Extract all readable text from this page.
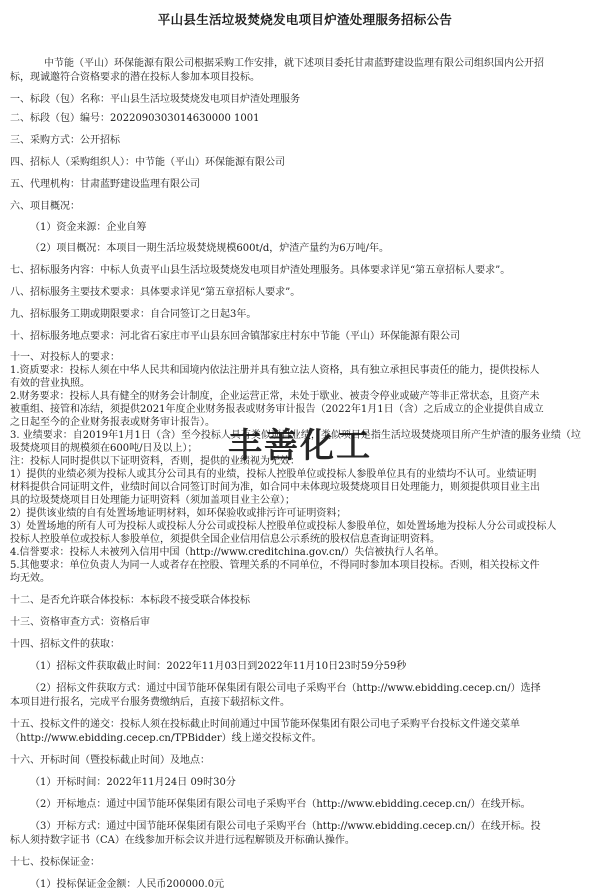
平山县生活垃圾焚烧发电项目炉渣处理服务招标公告
中节能（平山）环保能源有限公司根据采购工作安排，就下述项目委托甘肃蓝野建设监理有限公司组织国内公开招
标，现诚邀符合资格要求的潜在投标人参加本项目投标。
一、标段（包）名称：平山县生活垃圾焚烧发电项目炉渣处理服务
二、标段（包）编号：2022090303014630000 1001
三、采购方式：公开招标
四、招标人（采购组织人）：中节能（平山）环保能源有限公司
五、代理机构：甘肃蓝野建设监理有限公司
六、项目概况：
（1）资金来源：企业自筹
（2）项目概况：本项目一期生活垃圾焚烧规模600t/d，炉渣产量约为6万吨/年。
七、招标服务内容：中标人负责平山县生活垃圾焚烧发电项目炉渣处理服务。具体要求详见“第五章招标人要求”。
八、招标服务主要技术要求：具体要求详见“第五章招标人要求”。
九、招标服务工期或期限要求：自合同签订之日起3年。
十、招标服务地点要求：河北省石家庄市平山县东回舍镇郜家庄村东中节能（平山）环保能源有限公司
十一、对投标人的要求：
1.资质要求：投标人须在中华人民共和国境内依法注册并具有独立法人资格，具有独立承担民事责任的能力，提供投标人
有效的营业执照。
2.财务要求：投标人具有健全的财务会计制度，企业运营正常，未处于歇业、被责令停业或破产等非正常状态，且资产未
被重组、接管和冻结，须提供2021年度企业财务报表或财务审计报告（2022年1月1日（含）之后成立的企业提供自成立
之日起至今的企业财务报表或财务审计报告）。
3. 业绩要求：自2019年1月1日（含）至今投标人具有类似项目业绩，类似项目是指生活垃圾焚烧项目所产生炉渣的服务业绩（垃
圾焚烧项目的规模须在600吨/日及以上）；
注：投标人同时提供以下证明资料，否则，提供的业绩视为无效：
1）提供的业绩必须为投标人或其分公司具有的业绩，投标人控股单位或投标人参股单位具有的业绩均不认可。业绩证明
材料提供合同证明文件，业绩时间以合同签订时间为准，如合同中未体现垃圾焚烧项目日处理能力，则须提供项目业主出
具的垃圾焚烧项目日处理能力证明资料（须加盖项目业主公章）；
2）提供该业绩的自有处置场地证明材料，如环保验收或排污许可证明资料；
3）处置场地的所有人可为投标人或投标人分公司或投标人控股单位或投标人参股单位，如处置场地为投标人分公司或投标人
投标人控股单位或投标人参股单位，须提供全国企业信用信息公示系统的股权信息查询证明资料。
4.信誉要求：投标人未被列入信用中国（http://www.creditchina.gov.cn/）失信被执行人名单。
5.其他要求：单位负责人为同一人或者存在控股、管理关系的不同单位，不得同时参加本项目投标。否则，相关投标文件
均无效。
十二、是否允许联合体投标：本标段不接受联合体投标
十三、资格审查方式：资格后审
十四、招标文件的获取：
（1）招标文件获取截止时间：2022年11月03日到2022年11月10日23时59分59秒
（2）招标文件获取方式：通过中国节能环保集团有限公司电子采购平台（http://www.ebidding.cecep.cn/）选择
本项目进行报名，完成平台服务费缴纳后，直接下载招标文件。
十五、投标文件的递交：投标人须在投标截止时间前通过中国节能环保集团有限公司电子采购平台投标文件递交菜单
（http://www.ebidding.cecep.cn/TPBidder）线上递交投标文件。
十六、开标时间（暨投标截止时间）及地点：
（1）开标时间：2022年11月24日 09时30分
（2）开标地点：通过中国节能环保集团有限公司电子采购平台（http://www.ebidding.cecep.cn/）在线开标。
（3）开标方式：通过中国节能环保集团有限公司电子采购平台（http://www.ebidding.cecep.cn/）在线开标。投
标人须持数字证书（CA）在线参加开标会议并进行远程解锁及开标确认操作。
十七、投标保证金：
（1）投标保证金金额：人民币200000.0元
丰善化工
